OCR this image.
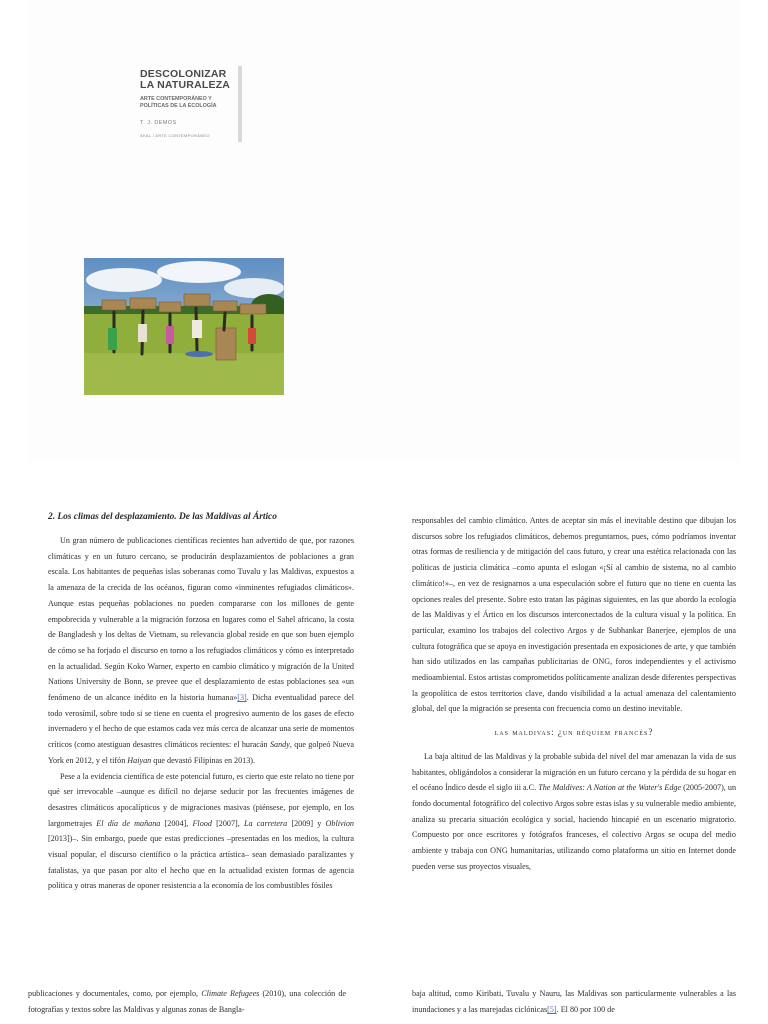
DESCOLONIZAR
LA NATURALEZA
ARTE CONTEMPORÁNEO Y
POLÍTICAS DE LA ECOLOGÍA
T. J. DEMOS
AKAL / ARTE CONTEMPORÁNEO
2. Los climas del desplazamiento. De las Maldivas al Ártico

Un gran número de publicaciones científicas recientes han advertido de que, por razones climáticas y en un futuro cercano, se producirán desplazamientos de poblaciones a gran escala. Los habitantes de pequeñas islas soberanas como Tuvalu y las Maldivas, expuestos a la amenaza de la crecida de los océanos, figuran como «inminentes refugiados climáticos». Aunque estas pequeñas poblaciones no pueden compararse con los millones de gente empobrecida y vulnerable a la migración forzosa en lugares como el Sahel africano, la costa de Bangladesh y los deltas de Vietnam, su relevancia global reside en que son buen ejemplo de cómo se ha forjado el discurso en torno a los refugiados climáticos y cómo es interpretado en la actualidad. Según Koko Warner, experto en cambio climático y migración de la United Nations University de Bonn, se prevee que el desplazamiento de estas poblaciones sea «un fenómeno de un alcance inédito en la historia humana»[3]. Dicha eventualidad parece del todo verosímil, sobre todo si se tiene en cuenta el progresivo aumento de los gases de efecto invernadero y el hecho de que estamos cada vez más cerca de alcanzar una serie de momentos críticos (como atestiguan desastres climáticos recientes: el huracán Sandy, que golpeó Nueva York en 2012, y el tifón Haiyan que devastó Filipinas en 2013).

Pese a la evidencia científica de este potencial futuro, es cierto que este relato no tiene por qué ser irrevocable –aunque es difícil no dejarse seducir por las frecuentes imágenes de desastres climáticos apocalípticos y de migraciones masivas (piénsese, por ejemplo, en los largometrajes El día de mañana [2004], Flood [2007], La carretera [2009] y Oblivion [2013])–. Sin embargo, puede que estas predicciones –presentadas en los medios, la cultura visual popular, el discurso científico o la práctica artística– sean demasiado paralizantes y fatalistas, ya que pasan por alto el hecho que en la actualidad existen formas de agencia política y otras maneras de oponer resistencia a la economía de los combustibles fósiles

responsables del cambio climático. Antes de aceptar sin más el inevitable destino que dibujan los discursos sobre los refugiados climáticos, debemos preguntarnos, pues, cómo podríamos inventar otras formas de resiliencia y de mitigación del caos futuro, y crear una estética relacionada con las políticas de justicia climática –como apunta el eslogan «¡Sí al cambio de sistema, no al cambio climático!»–, en vez de resignarnos a una especulación sobre el futuro que no tiene en cuenta las opciones reales del presente. Sobre esto tratan las páginas siguientes, en las que abordo la ecología de las Maldivas y el Ártico en los discursos interconectados de la cultura visual y la política. En particular, examino los trabajos del colectivo Argos y de Subhankar Banerjee, ejemplos de una cultura fotográfica que se apoya en investigación presentada en exposiciones de arte, y que también han sido utilizados en las campañas publicitarias de ONG, foros independientes y el activismo medioambiental. Estos artistas comprometidos políticamente analizan desde diferentes perspectivas la geopolítica de estos territorios clave, dando visibilidad a la actual amenaza del calentamiento global, del que la migración se presenta con frecuencia como un destino inevitable.

las maldivas: ¿un réquiem francés?

La baja altitud de las Maldivas y la probable subida del nivel del mar amenazan la vida de sus habitantes, obligándolos a considerar la migración en un futuro cercano y la pérdida de su hogar en el océano Índico desde el siglo iii a.C. The Maldives: A Nation at the Water's Edge (2005-2007), un fondo documental fotográfico del colectivo Argos sobre estas islas y su vulnerable medio ambiente, analiza su precaria situación ecológica y social, haciendo hincapié en un escenario migratorio. Compuesto por once escritores y fotógrafos franceses, el colectivo Argos se ocupa del medio ambiente y trabaja con ONG humanitarias, utilizando como plataforma un sitio en Internet donde pueden verse sus proyectos visuales,

publicaciones y documentales, como, por ejemplo, Climate Refugees (2010), una colección de fotografías y textos sobre las Maldivas y algunas zonas de Bangla-

baja altitud, como Kiribati, Tuvalu y Nauru, las Maldivas son particularmente vulnerables a las inundaciones y a las marejadas ciclónicas[5]. El 80 por 100 de
